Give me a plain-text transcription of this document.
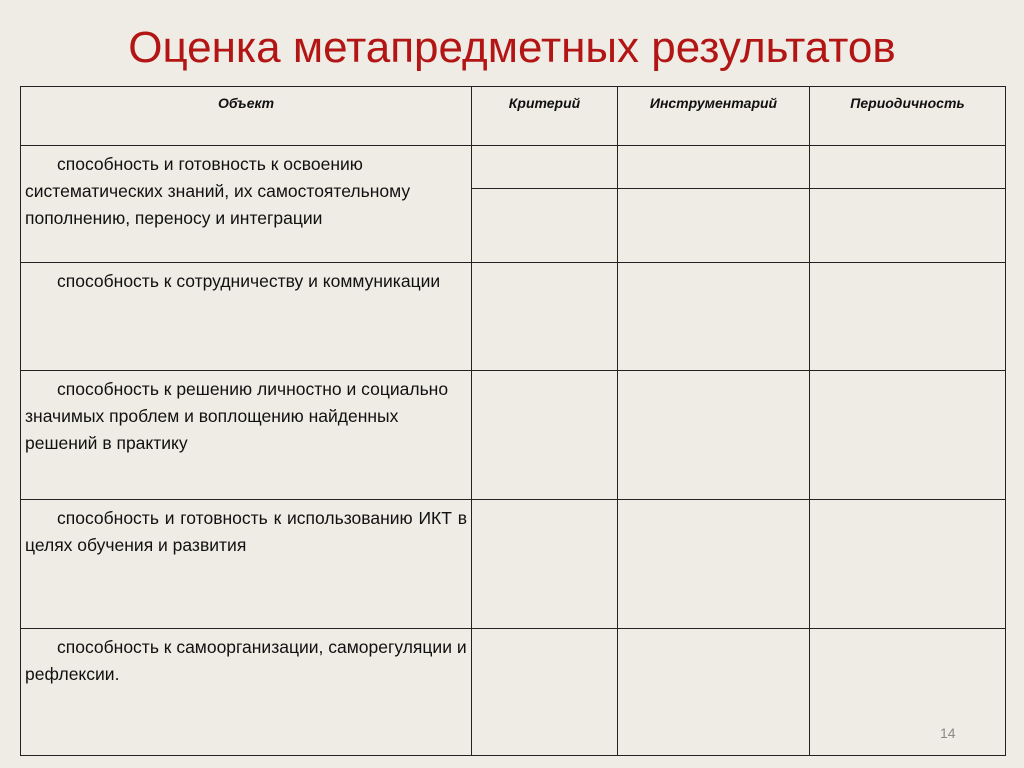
Оценка метапредметных результатов
Объект	Критерий	Инструментарий	Периодичность

способность и готовность к освоению систематических знаний, их самостоятельному пополнению, переносу и интеграции			

способность к сотрудничеству и коммуникации			

способность к решению личностно и социально значимых проблем и воплощению найденных решений в практику			

способность и готовность к использованию ИКТ в целях обучения и развития			

способность к самоорганизации, саморегуляции и рефлексии.			

14
